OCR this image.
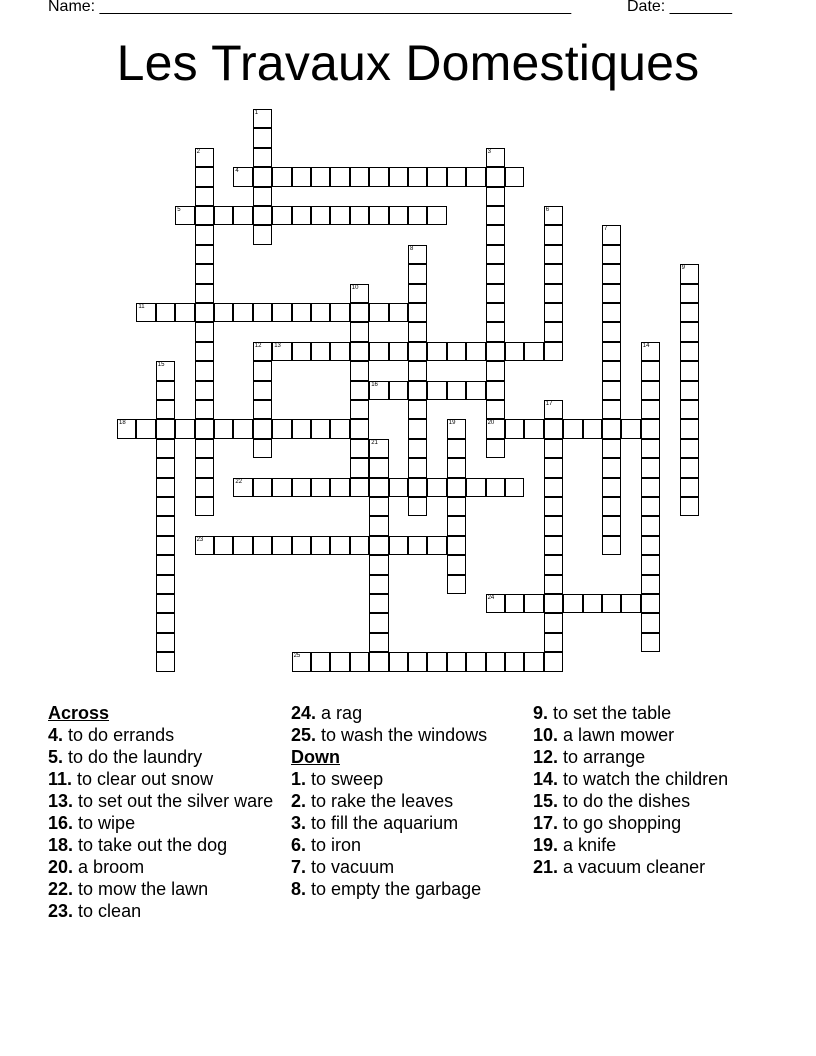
Name: _____________________________________________________	Date: _______
Les Travaux Domestiques
1
2	3
20
4
5	6
7
8
9
10
11
12 13	14
15
16
17
18	19
21
22
23
24
25
Across
4. to do errands
5. to do the laundry
11. to clear out snow
13. to set out the silver ware
16. to wipe
18. to take out the dog
20. a broom
22. to mow the lawn
23. to clean
24. a rag
25. to wash the windows
Down
1. to sweep
2. to rake the leaves
3. to fill the aquarium
6. to iron
7. to vacuum
8. to empty the garbage
9. to set the table
10. a lawn mower
12. to arrange
14. to watch the children
15. to do the dishes
17. to go shopping
19. a knife
21. a vacuum cleaner
